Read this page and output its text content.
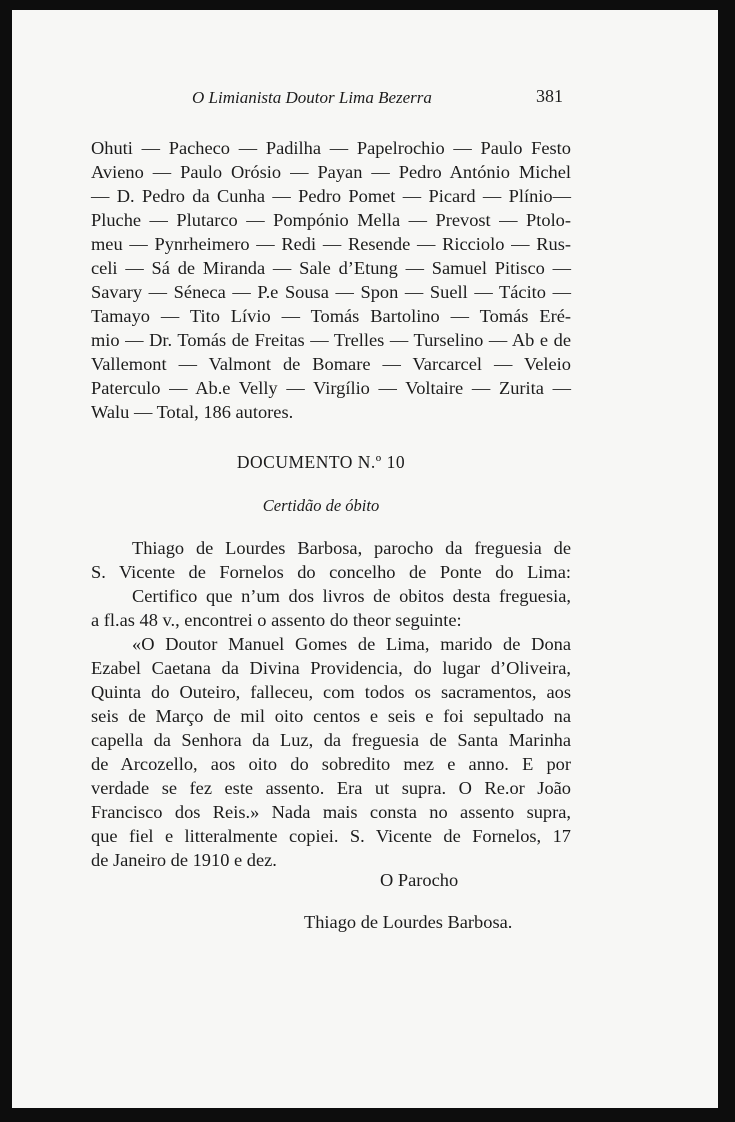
O Limianista Doutor Lima Bezerra	381
Ohuti — Pacheco — Padilha — Papelrochio — Paulo Festo
Avieno — Paulo Orósio — Payan — Pedro António Michel
— D. Pedro da Cunha — Pedro Pomet — Picard — Plínio—
Pluche — Plutarco — Pompónio Mella — Prevost — Ptolo-
meu — Pynrheimero — Redi — Resende — Ricciolo — Rus-
celi — Sá de Miranda — Sale d’Etung — Samuel Pitisco —
Savary — Séneca — P.e Sousa — Spon — Suell — Tácito —
Tamayo — Tito Lívio — Tomás Bartolino — Tomás Eré-
mio — Dr. Tomás de Freitas — Trelles — Turselino — Ab e de
Vallemont — Valmont de Bomare — Varcarcel — Veleio
Paterculo — Ab.e Velly — Virgílio — Voltaire — Zurita —
Walu — Total, 186 autores.
DOCUMENTO N.º 10
Certidão de óbito
Thiago de Lourdes Barbosa, parocho da freguesia de
S. Vicente de Fornelos do concelho de Ponte do Lima:
Certifico que n’um dos livros de obitos desta freguesia,
a fl.as 48 v., encontrei o assento do theor seguinte:
«O Doutor Manuel Gomes de Lima, marido de Dona
Ezabel Caetana da Divina Providencia, do lugar d’Oliveira,
Quinta do Outeiro, falleceu, com todos os sacramentos, aos
seis de Março de mil oito centos e seis e foi sepultado na
capella da Senhora da Luz, da freguesia de Santa Marinha
de Arcozello, aos oito do sobredito mez e anno. E por
verdade se fez este assento. Era ut supra. O Re.or João
Francisco dos Reis.» Nada mais consta no assento supra,
que fiel e litteralmente copiei. S. Vicente de Fornelos, 17
de Janeiro de 1910 e dez.
O Parocho
Thiago de Lourdes Barbosa.
